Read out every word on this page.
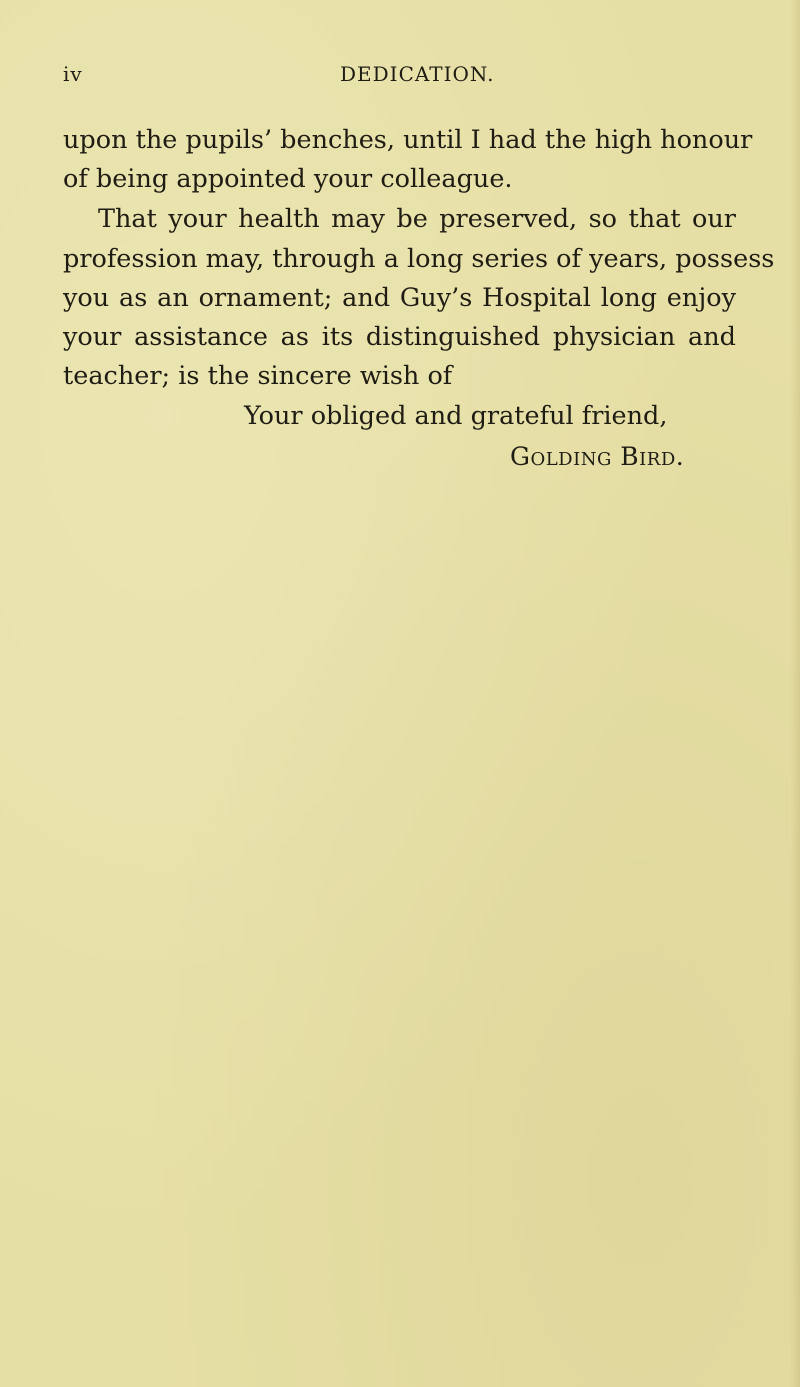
iv	DEDICATION.
upon the pupils’ benches, until I had the high honour
of being appointed your colleague.
That your health may be preserved, so that our
profession may, through a long series of years, possess
you as an ornament; and Guy’s Hospital long enjoy
your assistance as its distinguished physician and
teacher; is the sincere wish of
Your obliged and grateful friend,
Golding Bird.
